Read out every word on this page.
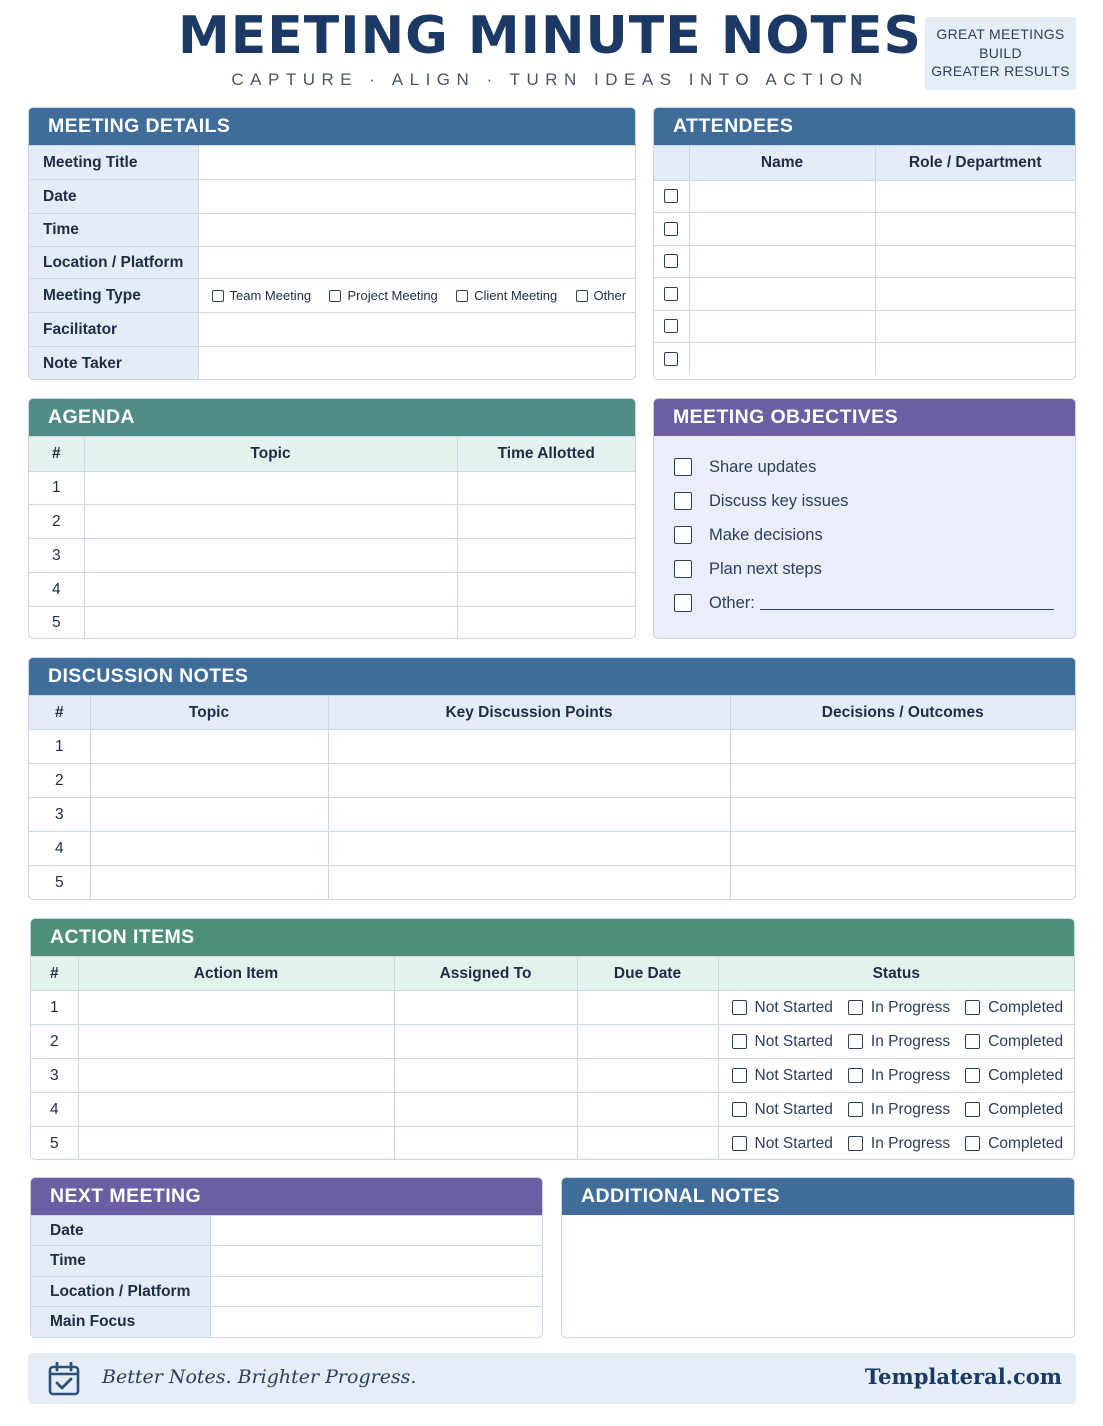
MEETING MINUTE NOTES
CAPTURE · ALIGN · TURN IDEAS INTO ACTION
GREAT MEETINGS
BUILD
GREATER RESULTS
MEETING DETAILS
Meeting Title	
Date	
Time	
Location / Platform	
Meeting Type	Team Meeting Project Meeting Client Meeting Other
Facilitator	
Note Taker	
ATTENDEES
	Name	Role / Department

AGENDA
#	Topic	Time Allotted
1		
2		
3		
4		
5		
MEETING OBJECTIVES
Share updates
Discuss key issues
Make decisions
Plan next steps
Other:
DISCUSSION NOTES
#	Topic	Key Discussion Points	Decisions / Outcomes
1			
2			
3			
4			
5			
ACTION ITEMS
#	Action Item	Assigned To	Due Date	Status
1				Not Started In Progress Completed
2				Not Started In Progress Completed
3				Not Started In Progress Completed
4				Not Started In Progress Completed
5				Not Started In Progress Completed
NEXT MEETING
Date	
Time	
Location / Platform	
Main Focus	
ADDITIONAL NOTES
Better Notes. Brighter Progress.	Templateral.com
